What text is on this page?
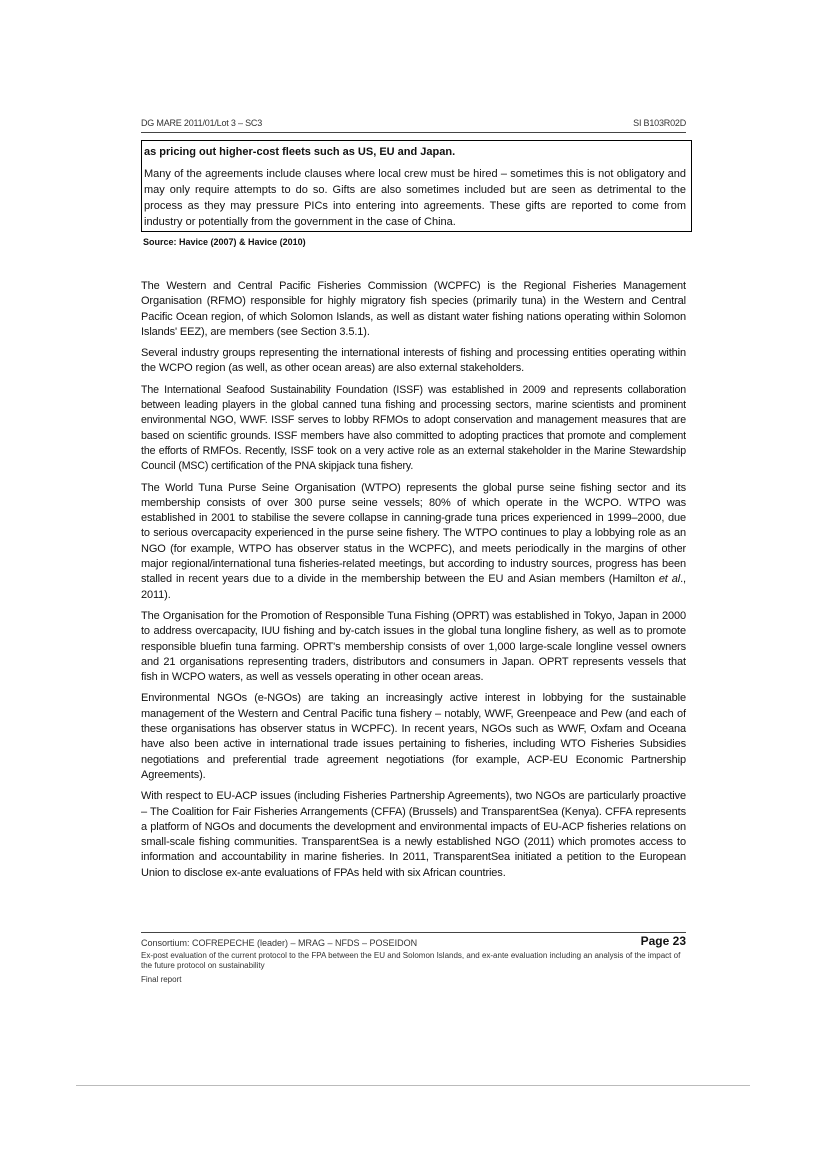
DG MARE 2011/01/Lot 3 – SC3	SI B103R02D

as pricing out higher-cost fleets such as US, EU and Japan.

Many of the agreements include clauses where local crew must be hired – sometimes this is not obligatory and may only require attempts to do so. Gifts are also sometimes included but are seen as detrimental to the process as they may pressure PICs into entering into agreements. These gifts are reported to come from industry or potentially from the government in the case of China.

Source: Havice (2007) & Havice (2010)

The Western and Central Pacific Fisheries Commission (WCPFC) is the Regional Fisheries Management Organisation (RFMO) responsible for highly migratory fish species (primarily tuna) in the Western and Central Pacific Ocean region, of which Solomon Islands, as well as distant water fishing nations operating within Solomon Islands' EEZ), are members (see Section 3.5.1).

Several industry groups representing the international interests of fishing and processing entities operating within the WCPO region (as well, as other ocean areas) are also external stakeholders.

The International Seafood Sustainability Foundation (ISSF) was established in 2009 and represents collaboration between leading players in the global canned tuna fishing and processing sectors, marine scientists and prominent environmental NGO, WWF. ISSF serves to lobby RFMOs to adopt conservation and management measures that are based on scientific grounds. ISSF members have also committed to adopting practices that promote and complement the efforts of RMFOs. Recently, ISSF took on a very active role as an external stakeholder in the Marine Stewardship Council (MSC) certification of the PNA skipjack tuna fishery.

The World Tuna Purse Seine Organisation (WTPO) represents the global purse seine fishing sector and its membership consists of over 300 purse seine vessels; 80% of which operate in the WCPO. WTPO was established in 2001 to stabilise the severe collapse in canning-grade tuna prices experienced in 1999–2000, due to serious overcapacity experienced in the purse seine fishery. The WTPO continues to play a lobbying role as an NGO (for example, WTPO has observer status in the WCPFC), and meets periodically in the margins of other major regional/international tuna fisheries-related meetings, but according to industry sources, progress has been stalled in recent years due to a divide in the membership between the EU and Asian members (Hamilton et al., 2011).

The Organisation for the Promotion of Responsible Tuna Fishing (OPRT) was established in Tokyo, Japan in 2000 to address overcapacity, IUU fishing and by-catch issues in the global tuna longline fishery, as well as to promote responsible bluefin tuna farming. OPRT's membership consists of over 1,000 large-scale longline vessel owners and 21 organisations representing traders, distributors and consumers in Japan. OPRT represents vessels that fish in WCPO waters, as well as vessels operating in other ocean areas.

Environmental NGOs (e-NGOs) are taking an increasingly active interest in lobbying for the sustainable management of the Western and Central Pacific tuna fishery – notably, WWF, Greenpeace and Pew (and each of these organisations has observer status in WCPFC). In recent years, NGOs such as WWF, Oxfam and Oceana have also been active in international trade issues pertaining to fisheries, including WTO Fisheries Subsidies negotiations and preferential trade agreement negotiations (for example, ACP-EU Economic Partnership Agreements).

With respect to EU-ACP issues (including Fisheries Partnership Agreements), two NGOs are particularly proactive – The Coalition for Fair Fisheries Arrangements (CFFA) (Brussels) and TransparentSea (Kenya). CFFA represents a platform of NGOs and documents the development and environmental impacts of EU-ACP fisheries relations on small-scale fishing communities. TransparentSea is a newly established NGO (2011) which promotes access to information and accountability in marine fisheries. In 2011, TransparentSea initiated a petition to the European Union to disclose ex-ante evaluations of FPAs held with six African countries.

Consortium: COFREPECHE (leader) – MRAG – NFDS – POSEIDON	Page 23
Ex-post evaluation of the current protocol to the FPA between the EU and Solomon Islands, and ex-ante evaluation including an analysis of the impact of the future protocol on sustainability
Final report
